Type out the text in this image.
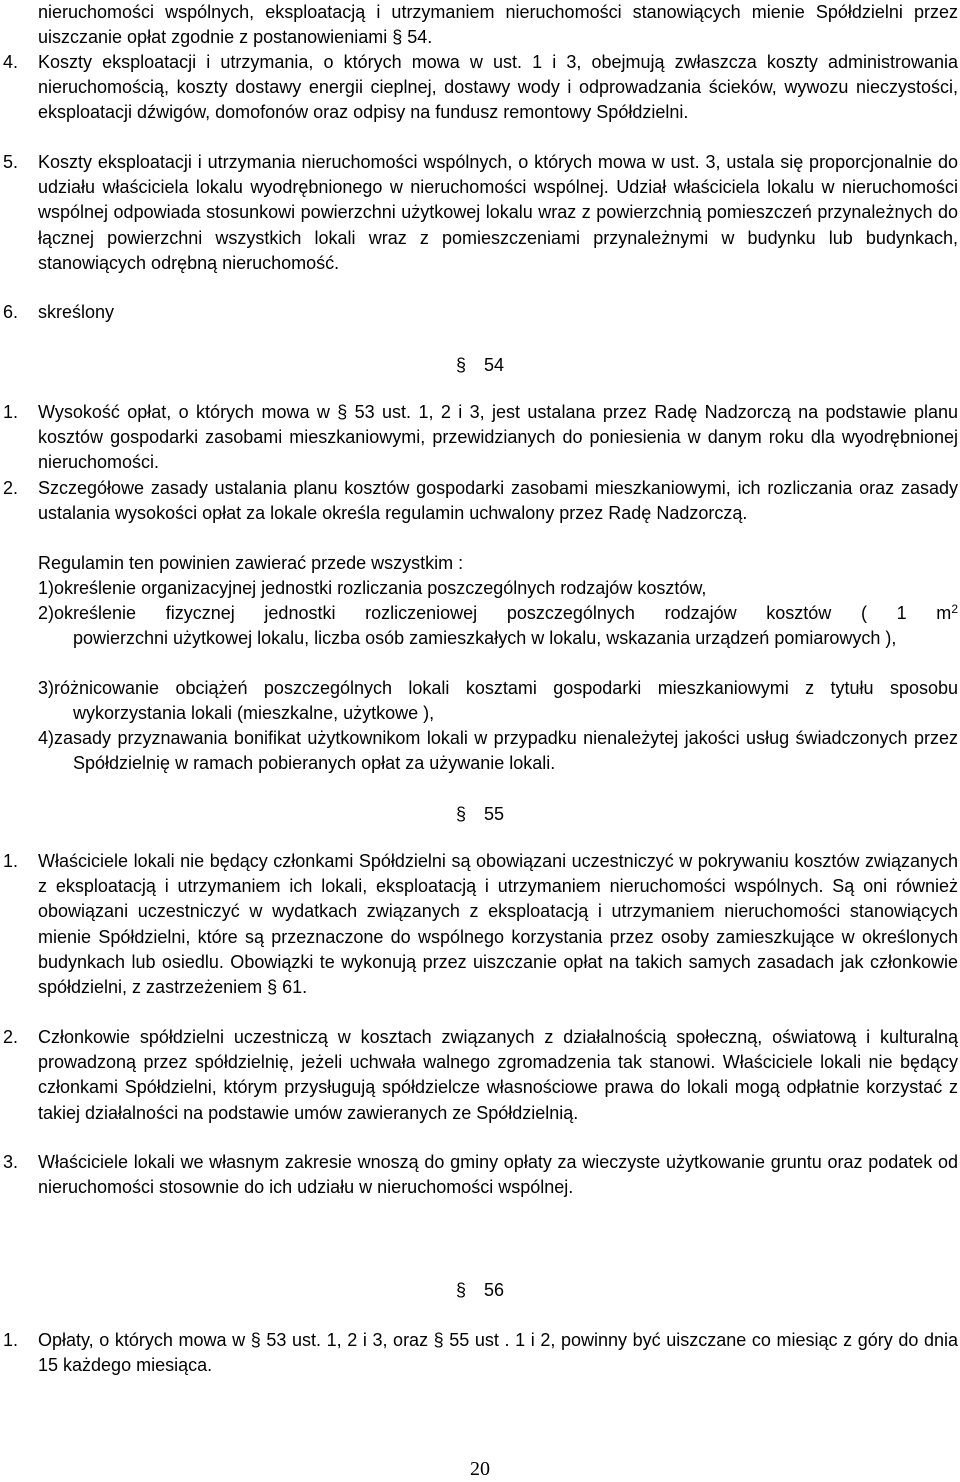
nieruchomości wspólnych, eksploatacją i utrzymaniem nieruchomości stanowiących mienie Spółdzielni przez uiszczanie opłat zgodnie z postanowieniami § 54.
4. Koszty eksploatacji i utrzymania, o których mowa w ust. 1 i 3, obejmują zwłaszcza koszty administrowania nieruchomością, koszty dostawy energii cieplnej, dostawy wody i odprowadzania ścieków, wywozu nieczystości, eksploatacji dźwigów, domofonów oraz odpisy na fundusz remontowy Spółdzielni.
5. Koszty eksploatacji i utrzymania nieruchomości wspólnych, o których mowa w ust. 3, ustala się proporcjonalnie do udziału właściciela lokalu wyodrębnionego w nieruchomości wspólnej. Udział właściciela lokalu w nieruchomości wspólnej odpowiada stosunkowi powierzchni użytkowej lokalu wraz z powierzchnią pomieszczeń przynależnych do łącznej powierzchni wszystkich lokali wraz z pomieszczeniami przynależnymi w budynku lub budynkach, stanowiących odrębną nieruchomość.
6. skreślony
§ 54
1. Wysokość opłat, o których mowa w § 53 ust. 1, 2 i 3, jest ustalana przez Radę Nadzorczą na podstawie planu kosztów gospodarki zasobami mieszkaniowymi, przewidzianych do poniesienia w danym roku dla wyodrębnionej nieruchomości.
2. Szczegółowe zasady ustalania planu kosztów gospodarki zasobami mieszkaniowymi, ich rozliczania oraz zasady ustalania wysokości opłat za lokale określa regulamin uchwalony przez Radę Nadzorczą.
Regulamin ten powinien zawierać przede wszystkim :
1)określenie organizacyjnej jednostki rozliczania poszczególnych rodzajów kosztów,
2)określenie fizycznej jednostki rozliczeniowej poszczególnych rodzajów kosztów ( 1 $m^2$
powierzchni użytkowej lokalu, liczba osób zamieszkałych w lokalu, wskazania urządzeń pomiarowych ),
3)różnicowanie obciążeń poszczególnych lokali kosztami gospodarki mieszkaniowymi z tytułu sposobu wykorzystania lokali (mieszkalne, użytkowe ),
4)zasady przyznawania bonifikat użytkownikom lokali w przypadku nienależytej jakości usług świadczonych przez Spółdzielnię w ramach pobieranych opłat za używanie lokali.
§ 55
1. Właściciele lokali nie będący członkami Spółdzielni są obowiązani uczestniczyć w pokrywaniu kosztów związanych z eksploatacją i utrzymaniem ich lokali, eksploatacją i utrzymaniem nieruchomości wspólnych. Są oni również obowiązani uczestniczyć w wydatkach związanych z eksploatacją i utrzymaniem nieruchomości stanowiących mienie Spółdzielni, które są przeznaczone do wspólnego korzystania przez osoby zamieszkujące w określonych budynkach lub osiedlu. Obowiązki te wykonują przez uiszczanie opłat na takich samych zasadach jak członkowie spółdzielni, z zastrzeżeniem § 61.
2. Członkowie spółdzielni uczestniczą w kosztach związanych z działalnością społeczną, oświatową i kulturalną prowadzoną przez spółdzielnię, jeżeli uchwała walnego zgromadzenia tak stanowi. Właściciele lokali nie będący członkami Spółdzielni, którym przysługują spółdzielcze własnościowe prawa do lokali mogą odpłatnie korzystać z takiej działalności na podstawie umów zawieranych ze Spółdzielnią.
3. Właściciele lokali we własnym zakresie wnoszą do gminy opłaty za wieczyste użytkowanie gruntu oraz podatek od nieruchomości stosownie do ich udziału w nieruchomości wspólnej.
§ 56
1. Opłaty, o których mowa w § 53 ust. 1, 2 i 3, oraz § 55 ust . 1 i 2, powinny być uiszczane co miesiąc z góry do dnia 15 każdego miesiąca.
20
